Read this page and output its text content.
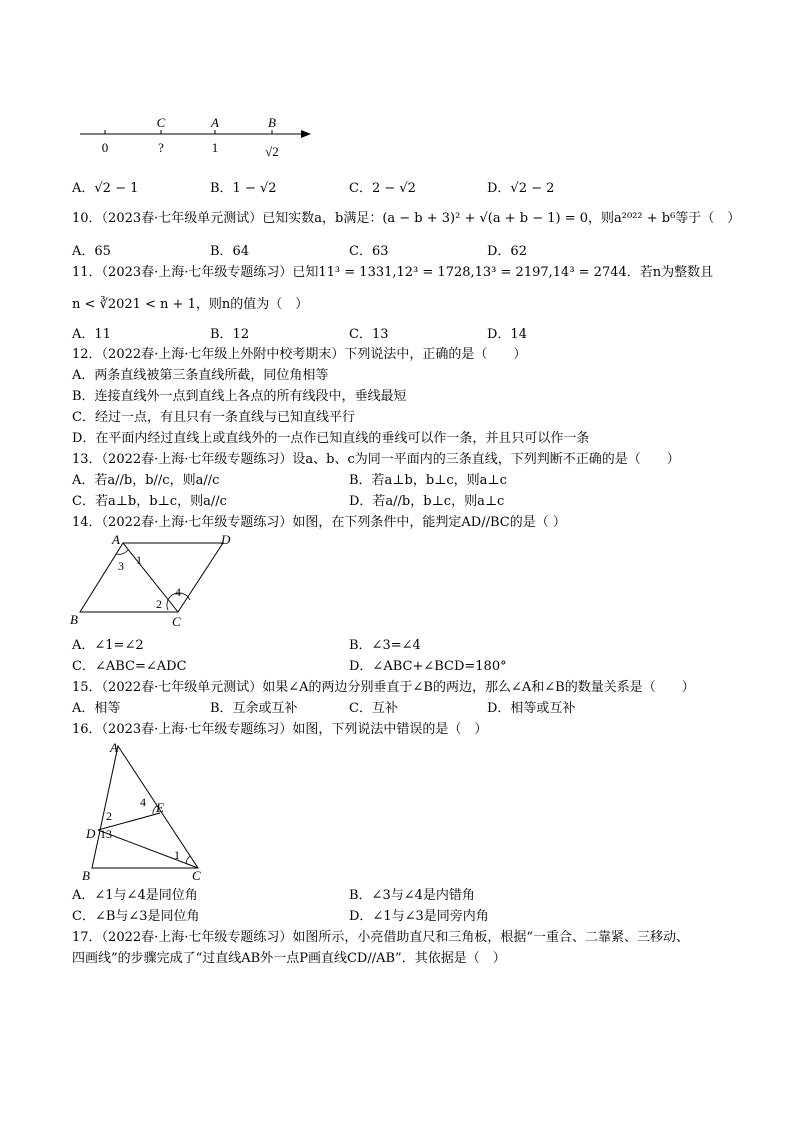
C	A	B
0	?	1	√2
A．√2 − 1	B．1 − √2	C．2 − √2	D．√2 − 2
10．（2023春·七年级单元测试）已知实数a，b满足：(a − b + 3)² + √(a + b − 1) = 0，则a²⁰²² + b⁶等于（　）
A．65	B．64	C．63	D．62
11．（2023春·上海·七年级专题练习）已知11³ = 1331,12³ = 1728,13³ = 2197,14³ = 2744．若n为整数且
n < ∛2021 < n + 1，则n的值为（　）
A．11	B．12	C．13	D．14
12．（2022春·上海·七年级上外附中校考期末）下列说法中，正确的是（　　）
A．两条直线被第三条直线所截，同位角相等
B．连接直线外一点到直线上各点的所有线段中，垂线最短
C．经过一点，有且只有一条直线与已知直线平行
D．在平面内经过直线上或直线外的一点作已知直线的垂线可以作一条，并且只可以作一条
13．（2022春·上海·七年级专题练习）设a、b、c为同一平面内的三条直线，下列判断不正确的是（　　）
A．若a//b，b//c，则a//c	B．若a⊥b，b⊥c，则a⊥c
C．若a⊥b，b⊥c，则a//c	D．若a//b，b⊥c，则a⊥c
14．（2022春·上海·七年级专题练习）如图，在下列条件中，能判定AD//BC的是（ ）
A	D
B	C
1
2
3
4
A．∠1=∠2	B．∠3=∠4
C．∠ABC=∠ADC	D．∠ABC+∠BCD=180°
15．（2022春·七年级单元测试）如果∠A的两边分别垂直于∠B的两边，那么∠A和∠B的数量关系是（　　）
A．相等	B．互余或互补	C．互补	D．相等或互补
16．（2023春·上海·七年级专题练习）如图，下列说法中错误的是（　）
A
E
D
B	C
4
2
13
1
A．∠1与∠4是同位角	B．∠3与∠4是内错角
C．∠B与∠3是同位角	D．∠1与∠3是同旁内角
17．（2022春·上海·七年级专题练习）如图所示，小亮借助直尺和三角板，根据“一重合、二靠紧、三移动、
四画线”的步骤完成了“过直线AB外一点P画直线CD//AB”．其依据是（　）
